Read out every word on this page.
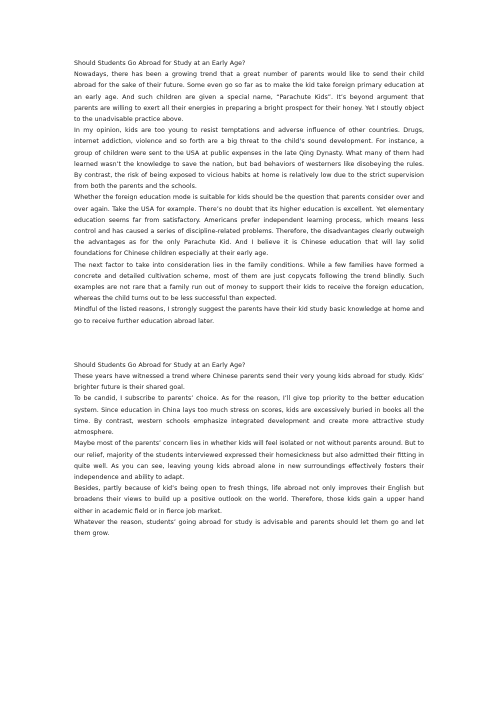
Should Students Go Abroad for Study at an Early Age?

Nowadays, there has been a growing trend that a great number of parents would like to send their child abroad for the sake of their future. Some even go so far as to make the kid take foreign primary education at an early age. And such children are given a special name, “Parachute Kids”. It’s beyond argument that parents are willing to exert all their energies in preparing a bright prospect for their honey. Yet I stoutly object to the unadvisable practice above.

In my opinion, kids are too young to resist temptations and adverse influence of other countries. Drugs, internet addiction, violence and so forth are a big threat to the child’s sound development. For instance, a group of children were sent to the USA at public expenses in the late Qing Dynasty. What many of them had learned wasn’t the knowledge to save the nation, but bad behaviors of westerners like disobeying the rules. By contrast, the risk of being exposed to vicious habits at home is relatively low due to the strict supervision from both the parents and the schools.

Whether the foreign education mode is suitable for kids should be the question that parents consider over and over again. Take the USA for example. There’s no doubt that its higher education is excellent. Yet elementary education seems far from satisfactory. Americans prefer independent learning process, which means less control and has caused a series of discipline-related problems. Therefore, the disadvantages clearly outweigh the advantages as for the only Parachute Kid. And I believe it is Chinese education that will lay solid foundations for Chinese children especially at their early age.

The next factor to take into consideration lies in the family conditions. While a few families have formed a concrete and detailed cultivation scheme, most of them are just copycats following the trend blindly. Such examples are not rare that a family run out of money to support their kids to receive the foreign education, whereas the child turns out to be less successful than expected.

Mindful of the listed reasons, I strongly suggest the parents have their kid study basic knowledge at home and go to receive further education abroad later.

Should Students Go Abroad for Study at an Early Age?

These years have witnessed a trend where Chinese parents send their very young kids abroad for study. Kids’ brighter future is their shared goal.

To be candid, I subscribe to parents’ choice. As for the reason, I’ll give top priority to the better education system. Since education in China lays too much stress on scores, kids are excessively buried in books all the time. By contrast, western schools emphasize integrated development and create more attractive study atmosphere.

Maybe most of the parents’ concern lies in whether kids will feel isolated or not without parents around. But to our relief, majority of the students interviewed expressed their homesickness but also admitted their fitting in quite well. As you can see, leaving young kids abroad alone in new surroundings effectively fosters their independence and ability to adapt.

Besides, partly because of kid’s being open to fresh things, life abroad not only improves their English but broadens their views to build up a positive outlook on the world. Therefore, those kids gain a upper hand either in academic field or in fierce job market.

Whatever the reason, students’ going abroad for study is advisable and parents should let them go and let them grow.
